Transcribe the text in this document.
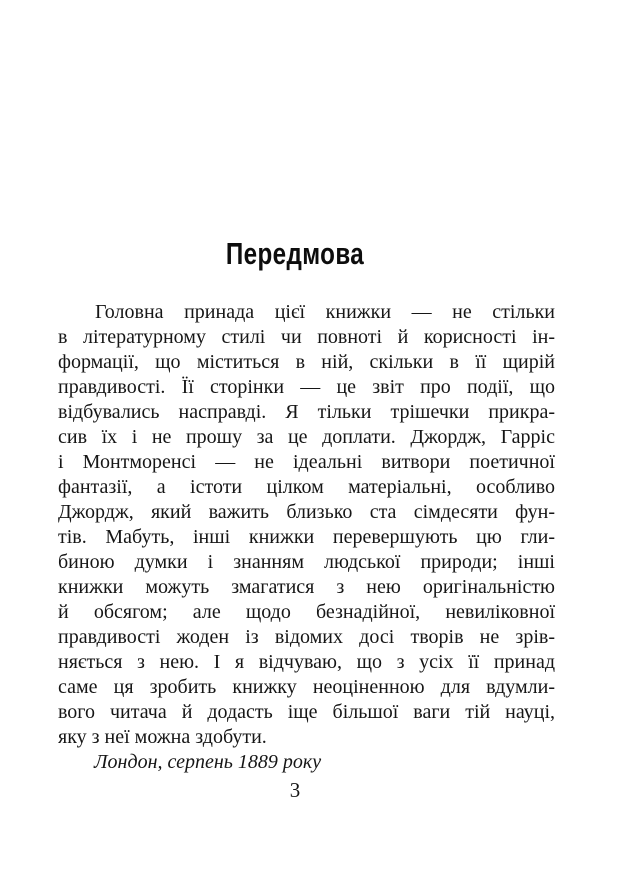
Передмова
Головна принада цієї книжки — не стільки
в літературному стилі чи повноті й корисності ін-
формації, що міститься в ній, скільки в її щирій
правдивості. Її сторінки — це звіт про події, що
відбувались насправді. Я тільки трішечки прикра-
сив їх і не прошу за це доплати. Джордж, Гарріс
і Монтморенсі — не ідеальні витвори поетичної
фантазії, а істоти цілком матеріальні, особливо
Джордж, який важить близько ста сімдесяти фун-
тів. Мабуть, інші книжки перевершують цю гли-
биною думки і знанням людської природи; інші
книжки можуть змагатися з нею оригінальністю
й обсягом; але щодо безнадійної, невиліковної
правдивості жоден із відомих досі творів не зрів-
няється з нею. І я відчуваю, що з усіх її принад
саме ця зробить книжку неоціненною для вдумли-
вого читача й додасть іще більшої ваги тій науці,
яку з неї можна здобути.
Лондон, серпень 1889 року
3
